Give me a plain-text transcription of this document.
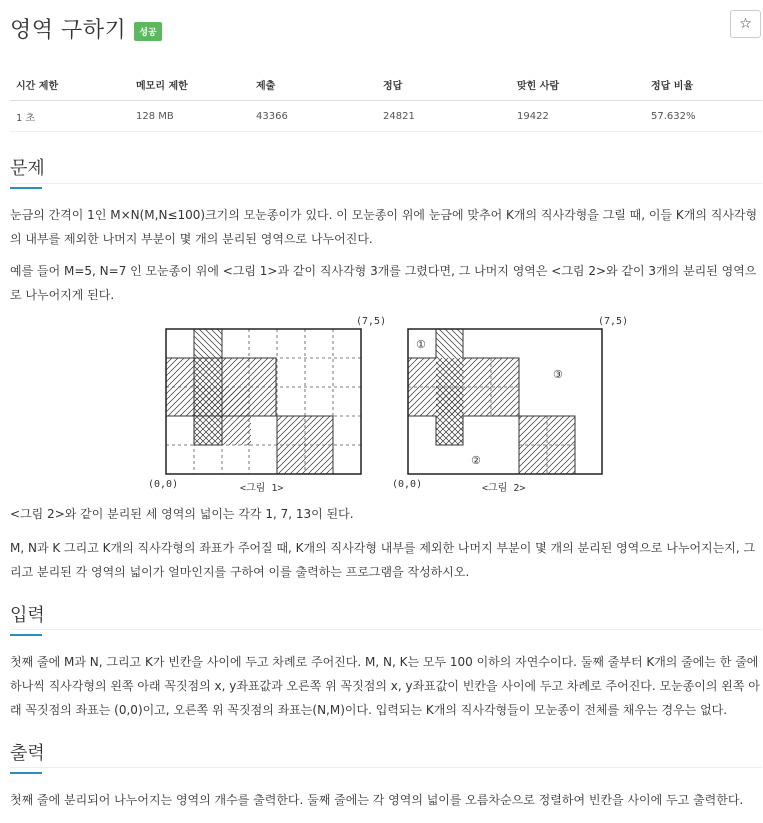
영역 구하기	성공
☆
시간 제한	메모리 제한	제출	정답	맞힌 사람	정답 비율
1 초	128 MB	43366	24821	19422	57.632%
문제

눈금의 간격이 1인 M×N(M,N≤100)크기의 모눈종이가 있다. 이 모눈종이 위에 눈금에 맞추어 K개의 직사각형을 그릴 때, 이들 K개의 직사각형의 내부를 제외한 나머지 부분이 몇 개의 분리된 영역으로 나누어진다.

예를 들어 M=5, N=7 인 모눈종이 위에 <그림 1>과 같이 직사각형 3개를 그렸다면, 그 나머지 영역은 <그림 2>와 같이 3개의 분리된 영역으로 나누어지게 된다.

(7,5)
(0,0)	<그림 1>
①
②
③
(7,5)
(0,0)	<그림 2>

<그림 2>와 같이 분리된 세 영역의 넓이는 각각 1, 7, 13이 된다.

M, N과 K 그리고 K개의 직사각형의 좌표가 주어질 때, K개의 직사각형 내부를 제외한 나머지 부분이 몇 개의 분리된 영역으로 나누어지는지, 그리고 분리된 각 영역의 넓이가 얼마인지를 구하여 이를 출력하는 프로그램을 작성하시오.

입력

첫째 줄에 M과 N, 그리고 K가 빈칸을 사이에 두고 차례로 주어진다. M, N, K는 모두 100 이하의 자연수이다. 둘째 줄부터 K개의 줄에는 한 줄에 하나씩 직사각형의 왼쪽 아래 꼭짓점의 x, y좌표값과 오른쪽 위 꼭짓점의 x, y좌표값이 빈칸을 사이에 두고 차례로 주어진다. 모눈종이의 왼쪽 아래 꼭짓점의 좌표는 (0,0)이고, 오른쪽 위 꼭짓점의 좌표는(N,M)이다. 입력되는 K개의 직사각형들이 모눈종이 전체를 채우는 경우는 없다.

출력

첫째 줄에 분리되어 나누어지는 영역의 개수를 출력한다. 둘째 줄에는 각 영역의 넓이를 오름차순으로 정렬하여 빈칸을 사이에 두고 출력한다.
